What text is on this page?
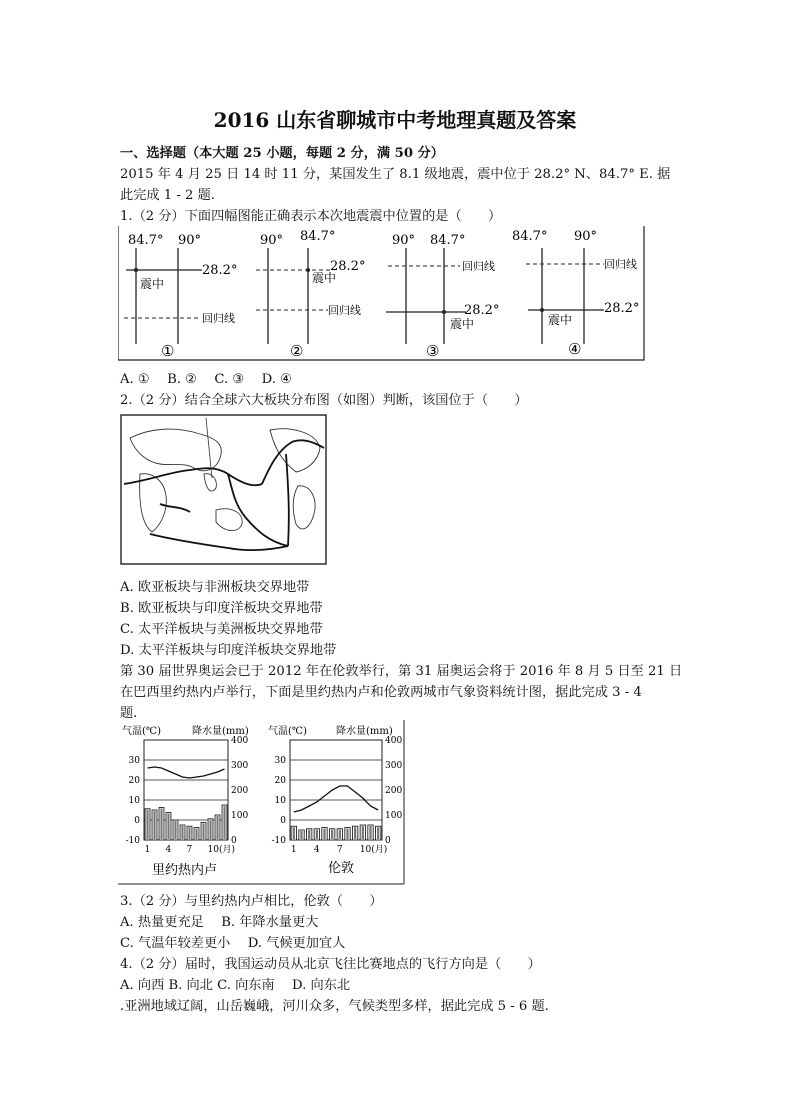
2016 山东省聊城市中考地理真题及答案
一、选择题（本大题 25 小题，每题 2 分，满 50 分）
2015 年 4 月 25 日 14 时 11 分，某国发生了 8.1 级地震，震中位于 28.2° N、84.7° E. 据
此完成 1 - 2 题.
1.（2 分）下面四幅图能正确表示本次地震震中位置的是（　　）
84.7° 90°
28.2°
震中
回归线
①
90° 84.7°
28.2°
震中
回归线
②
90° 84.7°
回归线
28.2°
震中
③
84.7° 90°
回归线
28.2°
震中
④
A. ①　 B. ②　 C. ③　 D. ④
2.（2 分）结合全球六大板块分布图（如图）判断，该国位于（　　）
A. 欧亚板块与非洲板块交界地带
B. 欧亚板块与印度洋板块交界地带
C. 太平洋板块与美洲板块交界地带
D. 太平洋板块与印度洋板块交界地带
第 30 届世界奥运会已于 2012 年在伦敦举行，第 31 届奥运会将于 2016 年 8 月 5 日至 21 日
在巴西里约热内卢举行，下面是里约热内卢和伦敦两城市气象资料统计图，据此完成 3 - 4
题.
气温(℃)	降水量(mm)
30
20
10
0
-10
400
300
200
100
0
1 4 7 10(月)
里约热内卢
气温(℃)	降水量(mm)
30
20
10
0
-10
400
300
200
100
0
1 4 7 10(月)
伦敦
3.（2 分）与里约热内卢相比，伦敦（　　）
A. 热量更充足　 B. 年降水量更大
C. 气温年较差更小　 D. 气候更加宜人
4.（2 分）届时，我国运动员从北京飞往比赛地点的飞行方向是（　　）
A. 向西 B. 向北 C. 向东南　 D. 向东北
.亚洲地域辽阔，山岳巍峨，河川众多，气候类型多样，据此完成 5 - 6 题.
